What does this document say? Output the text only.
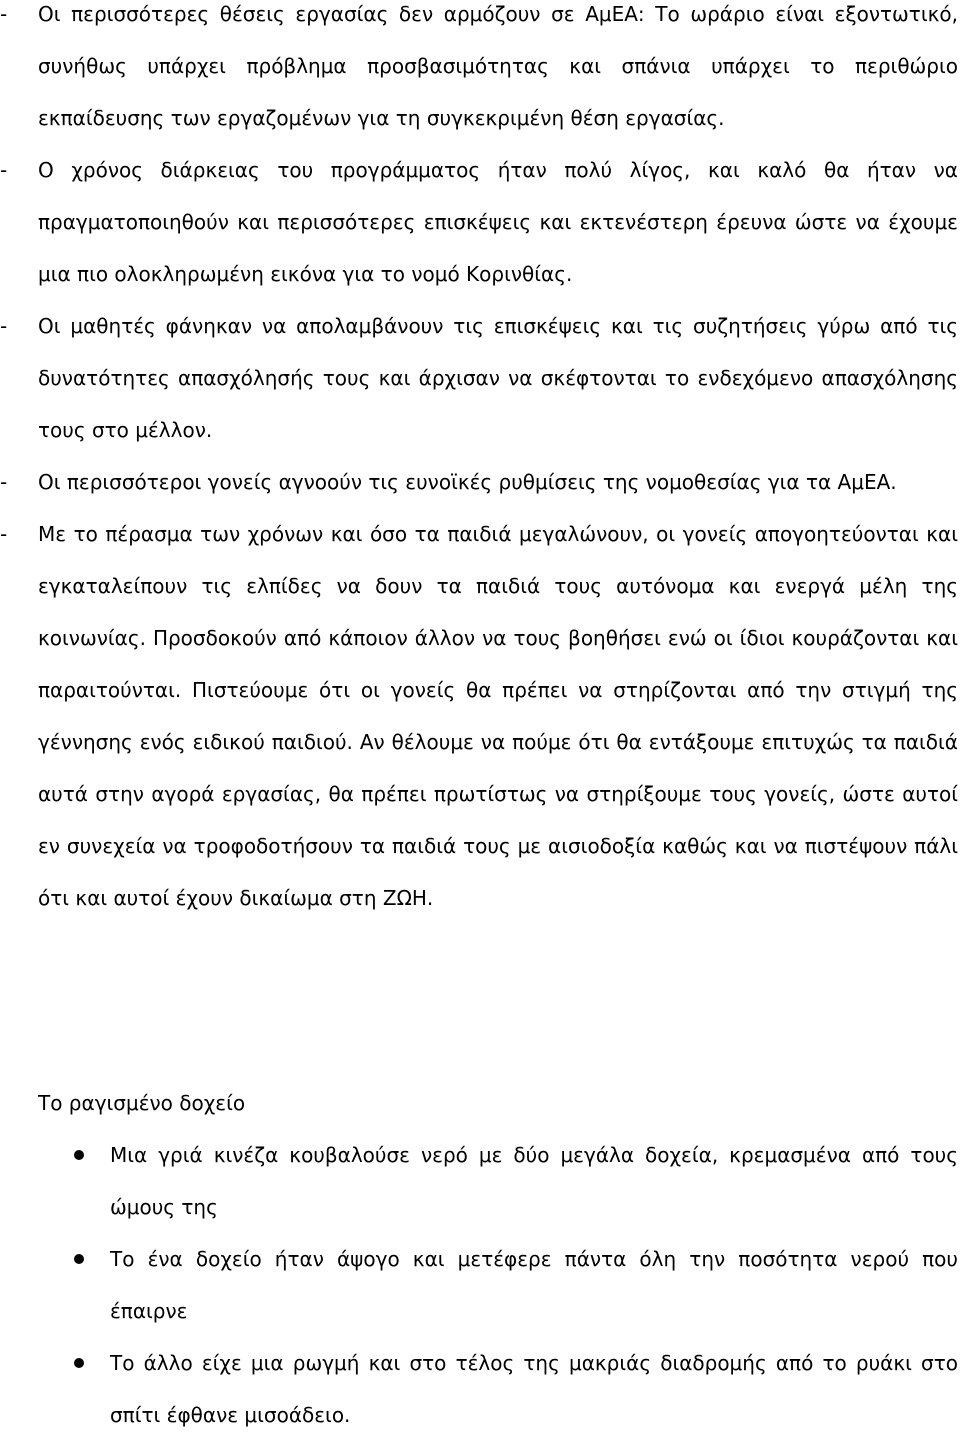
-	Οι περισσότερες θέσεις εργασίας δεν αρμόζουν σε ΑμΕΑ: Το ωράριο είναι εξοντωτικό, συνήθως υπάρχει πρόβλημα προσβασιμότητας και σπάνια υπάρχει το περιθώριο εκπαίδευσης των εργαζομένων για τη συγκεκριμένη θέση εργασίας.
-	Ο χρόνος διάρκειας του προγράμματος ήταν πολύ λίγος, και καλό θα ήταν να πραγματοποιηθούν και περισσότερες επισκέψεις και εκτενέστερη έρευνα ώστε να έχουμε μια πιο ολοκληρωμένη εικόνα για το νομό Κορινθίας.
-	Οι μαθητές φάνηκαν να απολαμβάνουν τις επισκέψεις και τις συζητήσεις γύρω από τις δυνατότητες απασχόλησής τους και άρχισαν να σκέφτονται το ενδεχόμενο απασχόλησης τους στο μέλλον.
-	Οι περισσότεροι γονείς αγνοούν τις ευνοϊκές ρυθμίσεις της νομοθεσίας για τα ΑμΕΑ.
-	Με το πέρασμα των χρόνων και όσο τα παιδιά μεγαλώνουν, οι γονείς απογοητεύονται και εγκαταλείπουν τις ελπίδες να δουν τα παιδιά τους αυτόνομα και ενεργά μέλη της κοινωνίας. Προσδοκούν από κάποιον άλλον να τους βοηθήσει ενώ οι ίδιοι κουράζονται και παραιτούνται. Πιστεύουμε ότι οι γονείς θα πρέπει να στηρίζονται από την στιγμή της γέννησης ενός ειδικού παιδιού. Αν θέλουμε να πούμε ότι θα εντάξουμε επιτυχώς τα παιδιά αυτά στην αγορά εργασίας, θα πρέπει πρωτίστως να στηρίξουμε τους γονείς, ώστε αυτοί εν συνεχεία να τροφοδοτήσουν τα παιδιά τους με αισιοδοξία καθώς και να πιστέψουν πάλι ότι και αυτοί έχουν δικαίωμα στη ΖΩΗ.
Το ραγισμένο δοχείο
Μια γριά κινέζα κουβαλούσε νερό με δύο μεγάλα δοχεία, κρεμασμένα από τους ώμους της
Το ένα δοχείο ήταν άψογο και μετέφερε πάντα όλη την ποσότητα νερού που έπαιρνε
Το άλλο είχε μια ρωγμή και στο τέλος της μακριάς διαδρομής από το ρυάκι στο σπίτι έφθανε μισοάδειο.
